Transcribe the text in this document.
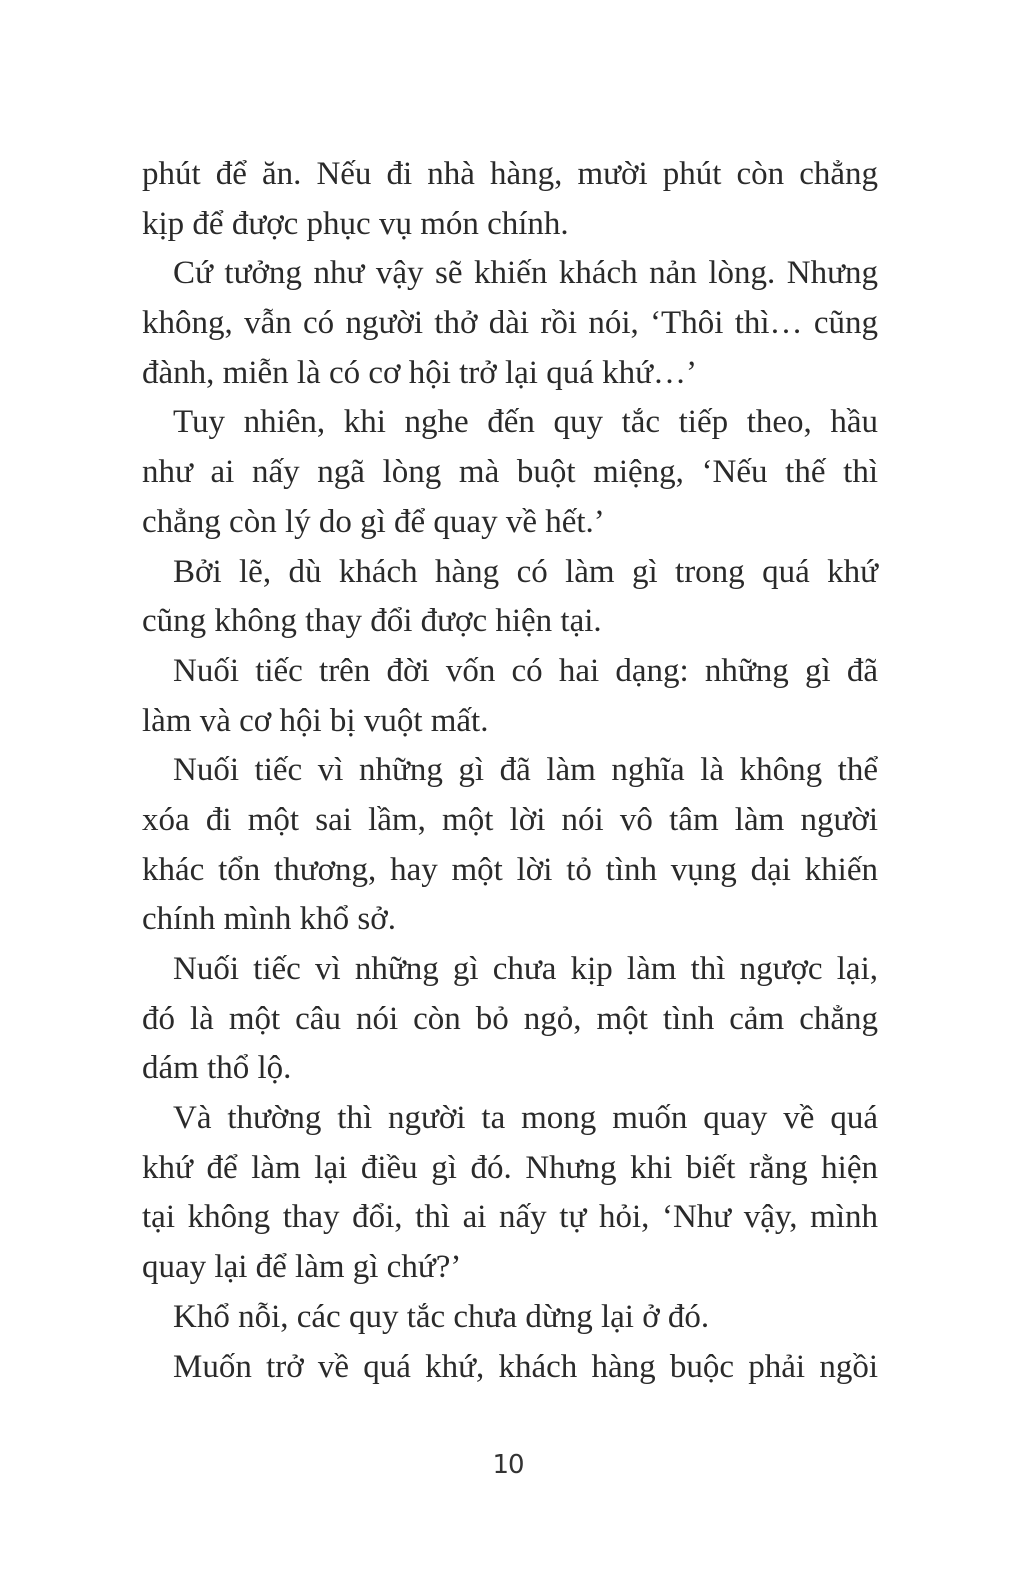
phút để ăn. Nếu đi nhà hàng, mười phút còn chẳng
kịp để được phục vụ món chính.
Cứ tưởng như vậy sẽ khiến khách nản lòng. Nhưng
không, vẫn có người thở dài rồi nói, ‘Thôi thì… cũng
đành, miễn là có cơ hội trở lại quá khứ…’
Tuy nhiên, khi nghe đến quy tắc tiếp theo, hầu
như ai nấy ngã lòng mà buột miệng, ‘Nếu thế thì
chẳng còn lý do gì để quay về hết.’
Bởi lẽ, dù khách hàng có làm gì trong quá khứ
cũng không thay đổi được hiện tại.
Nuối tiếc trên đời vốn có hai dạng: những gì đã
làm và cơ hội bị vuột mất.
Nuối tiếc vì những gì đã làm nghĩa là không thể
xóa đi một sai lầm, một lời nói vô tâm làm người
khác tổn thương, hay một lời tỏ tình vụng dại khiến
chính mình khổ sở.
Nuối tiếc vì những gì chưa kịp làm thì ngược lại,
đó là một câu nói còn bỏ ngỏ, một tình cảm chẳng
dám thổ lộ.
Và thường thì người ta mong muốn quay về quá
khứ để làm lại điều gì đó. Nhưng khi biết rằng hiện
tại không thay đổi, thì ai nấy tự hỏi, ‘Như vậy, mình
quay lại để làm gì chứ?’
Khổ nỗi, các quy tắc chưa dừng lại ở đó.
Muốn trở về quá khứ, khách hàng buộc phải ngồi
10
